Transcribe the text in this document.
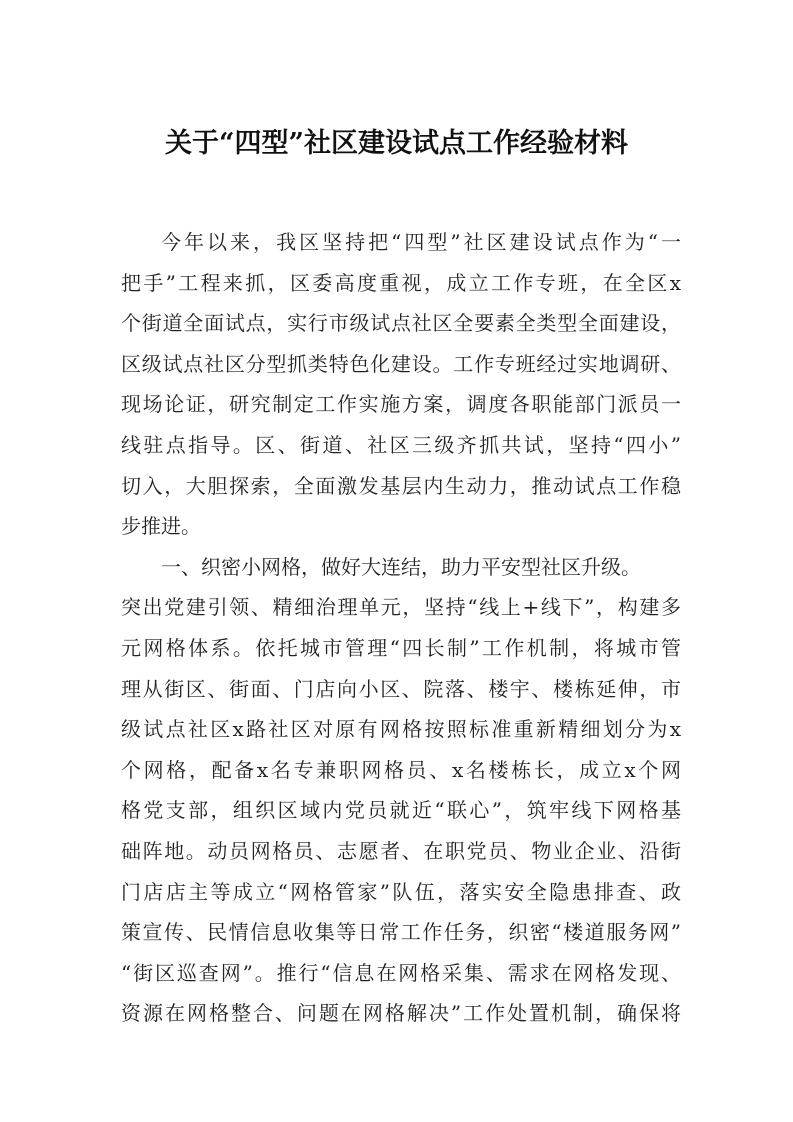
关于“四型”社区建设试点工作经验材料
今年以来，我区坚持把“四型”社区建设试点作为“一
把手”工程来抓，区委高度重视，成立工作专班，在全区x
个街道全面试点，实行市级试点社区全要素全类型全面建设，
区级试点社区分型抓类特色化建设。工作专班经过实地调研、
现场论证，研究制定工作实施方案，调度各职能部门派员一
线驻点指导。区、街道、社区三级齐抓共试，坚持“四小”
切入，大胆探索，全面激发基层内生动力，推动试点工作稳
步推进。
一、织密小网格，做好大连结，助力平安型社区升级。
突出党建引领、精细治理单元，坚持“线上+线下”，构建多
元网格体系。依托城市管理“四长制”工作机制，将城市管
理从街区、街面、门店向小区、院落、楼宇、楼栋延伸，市
级试点社区x路社区对原有网格按照标准重新精细划分为x
个网格，配备x名专兼职网格员、x名楼栋长，成立x个网
格党支部，组织区域内党员就近“联心”，筑牢线下网格基
础阵地。动员网格员、志愿者、在职党员、物业企业、沿街
门店店主等成立“网格管家”队伍，落实安全隐患排查、政
策宣传、民情信息收集等日常工作任务，织密“楼道服务网”
“街区巡查网”。推行“信息在网格采集、需求在网格发现、
资源在网格整合、问题在网格解决”工作处置机制，确保将
